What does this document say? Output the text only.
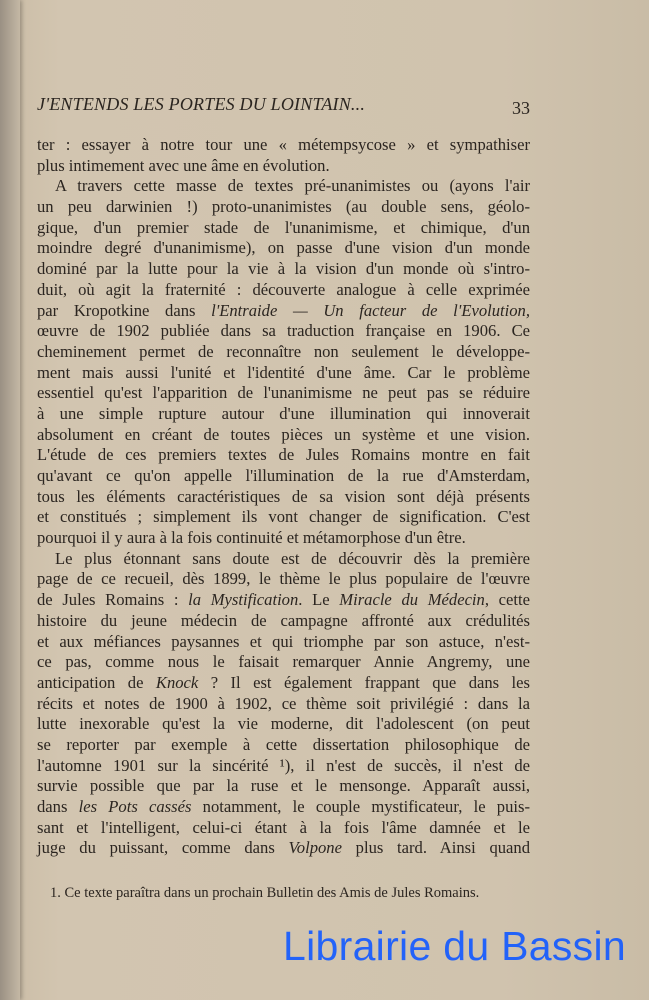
J'ENTENDS LES PORTES DU LOINTAIN...	33
ter : essayer à notre tour une « métempsycose » et sympathiser
plus intimement avec une âme en évolution.
A travers cette masse de textes pré-unanimistes ou (ayons l'air
un peu darwinien !) proto-unanimistes (au double sens, géolo-
gique, d'un premier stade de l'unanimisme, et chimique, d'un
moindre degré d'unanimisme), on passe d'une vision d'un monde
dominé par la lutte pour la vie à la vision d'un monde où s'intro-
duit, où agit la fraternité : découverte analogue à celle exprimée
par Kropotkine dans l'Entraide — Un facteur de l'Evolution,
œuvre de 1902 publiée dans sa traduction française en 1906. Ce
cheminement permet de reconnaître non seulement le développe-
ment mais aussi l'unité et l'identité d'une âme. Car le problème
essentiel qu'est l'apparition de l'unanimisme ne peut pas se réduire
à une simple rupture autour d'une illumination qui innoverait
absolument en créant de toutes pièces un système et une vision.
L'étude de ces premiers textes de Jules Romains montre en fait
qu'avant ce qu'on appelle l'illumination de la rue d'Amsterdam,
tous les éléments caractéristiques de sa vision sont déjà présents
et constitués ; simplement ils vont changer de signification. C'est
pourquoi il y aura à la fois continuité et métamorphose d'un être.
Le plus étonnant sans doute est de découvrir dès la première
page de ce recueil, dès 1899, le thème le plus populaire de l'œuvre
de Jules Romains : la Mystification. Le Miracle du Médecin, cette
histoire du jeune médecin de campagne affronté aux crédulités
et aux méfiances paysannes et qui triomphe par son astuce, n'est-
ce pas, comme nous le faisait remarquer Annie Angremy, une
anticipation de Knock ? Il est également frappant que dans les
récits et notes de 1900 à 1902, ce thème soit privilégié : dans la
lutte inexorable qu'est la vie moderne, dit l'adolescent (on peut
se reporter par exemple à cette dissertation philosophique de
l'automne 1901 sur la sincérité ¹), il n'est de succès, il n'est de
survie possible que par la ruse et le mensonge. Apparaît aussi,
dans les Pots cassés notamment, le couple mystificateur, le puis-
sant et l'intelligent, celui-ci étant à la fois l'âme damnée et le
juge du puissant, comme dans Volpone plus tard. Ainsi quand
1. Ce texte paraîtra dans un prochain Bulletin des Amis de Jules Romains.
Librairie du Bassin
